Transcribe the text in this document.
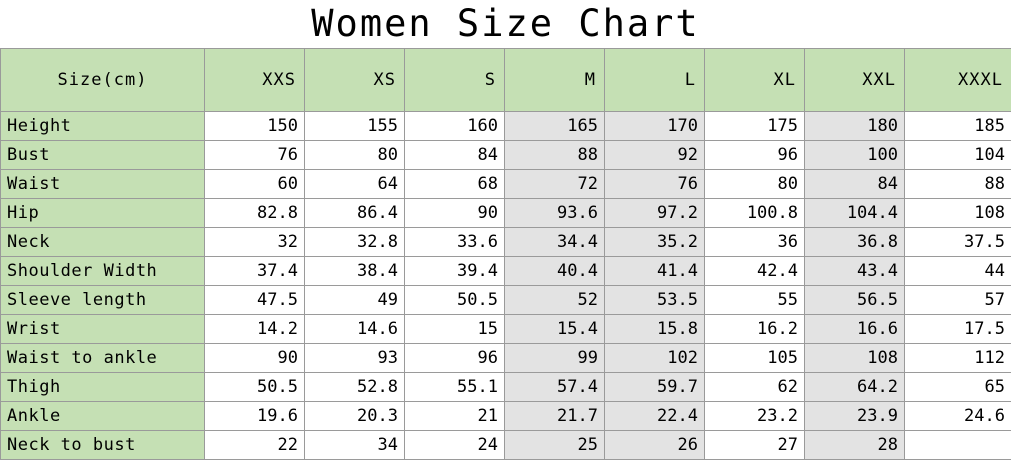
Women Size Chart
Size(cm)	XXS	XS	S	M	L	XL	XXL	XXXL
Height	150	155	160	165	170	175	180	185
Bust	76	80	84	88	92	96	100	104
Waist	60	64	68	72	76	80	84	88
Hip	82.8	86.4	90	93.6	97.2	100.8	104.4	108
Neck	32	32.8	33.6	34.4	35.2	36	36.8	37.5
Shoulder Width	37.4	38.4	39.4	40.4	41.4	42.4	43.4	44
Sleeve length	47.5	49	50.5	52	53.5	55	56.5	57
Wrist	14.2	14.6	15	15.4	15.8	16.2	16.6	17.5
Waist to ankle	90	93	96	99	102	105	108	112
Thigh	50.5	52.8	55.1	57.4	59.7	62	64.2	65
Ankle	19.6	20.3	21	21.7	22.4	23.2	23.9	24.6
Neck to bust	22	34	24	25	26	27	28	
